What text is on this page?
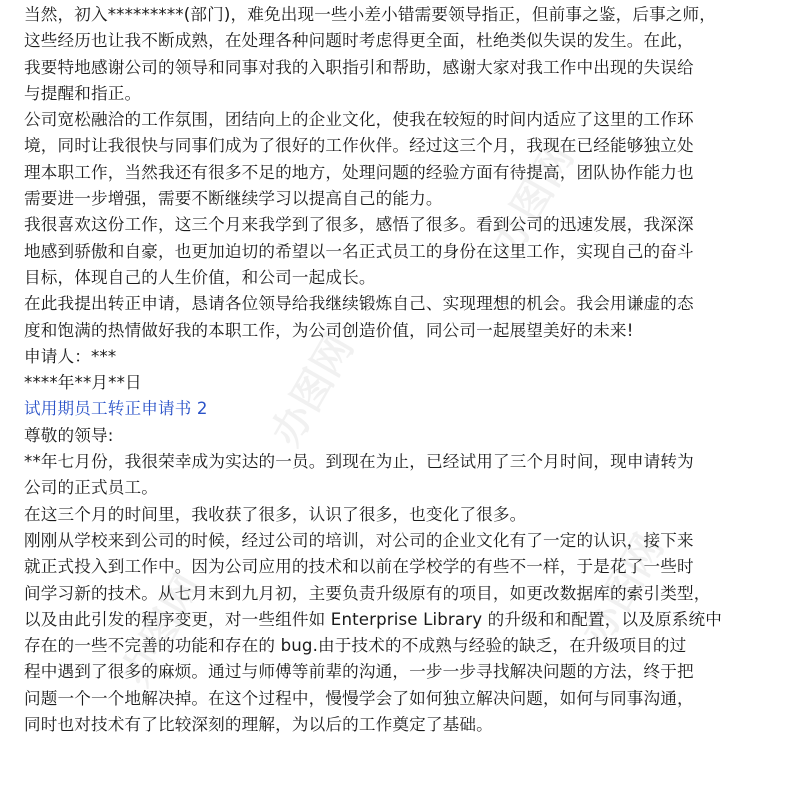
当然，初入*********(部门)，难免出现一些小差小错需要领导指正，但前事之鉴，后事之师，
这些经历也让我不断成熟，在处理各种问题时考虑得更全面，杜绝类似失误的发生。在此，
我要特地感谢公司的领导和同事对我的入职指引和帮助，感谢大家对我工作中出现的失误给
与提醒和指正。
公司宽松融洽的工作氛围，团结向上的企业文化，使我在较短的时间内适应了这里的工作环
境，同时让我很快与同事们成为了很好的工作伙伴。经过这三个月，我现在已经能够独立处
理本职工作，当然我还有很多不足的地方，处理问题的经验方面有待提高，团队协作能力也
需要进一步增强，需要不断继续学习以提高自己的能力。
我很喜欢这份工作，这三个月来我学到了很多，感悟了很多。看到公司的迅速发展，我深深
地感到骄傲和自豪，也更加迫切的希望以一名正式员工的身份在这里工作，实现自己的奋斗
目标，体现自己的人生价值，和公司一起成长。
在此我提出转正申请，恳请各位领导给我继续锻炼自己、实现理想的机会。我会用谦虚的态
度和饱满的热情做好我的本职工作，为公司创造价值，同公司一起展望美好的未来!
申请人：***
****年**月**日
试用期员工转正申请书 2
尊敬的领导:
**年七月份，我很荣幸成为实达的一员。到现在为止，已经试用了三个月时间，现申请转为
公司的正式员工。
在这三个月的时间里，我收获了很多，认识了很多，也变化了很多。
刚刚从学校来到公司的时候，经过公司的培训，对公司的企业文化有了一定的认识，接下来
就正式投入到工作中。因为公司应用的技术和以前在学校学的有些不一样，于是花了一些时
间学习新的技术。从七月末到九月初，主要负责升级原有的项目，如更改数据库的索引类型，
以及由此引发的程序变更，对一些组件如 Enterprise Library 的升级和和配置，以及原系统中
存在的一些不完善的功能和存在的 bug.由于技术的不成熟与经验的缺乏，在升级项目的过
程中遇到了很多的麻烦。通过与师傅等前辈的沟通，一步一步寻找解决问题的方法，终于把
问题一个一个地解决掉。在这个过程中，慢慢学会了如何独立解决问题，如何与同事沟通，
同时也对技术有了比较深刻的理解，为以后的工作奠定了基础。
办图网
办图网
办图网
办图网
